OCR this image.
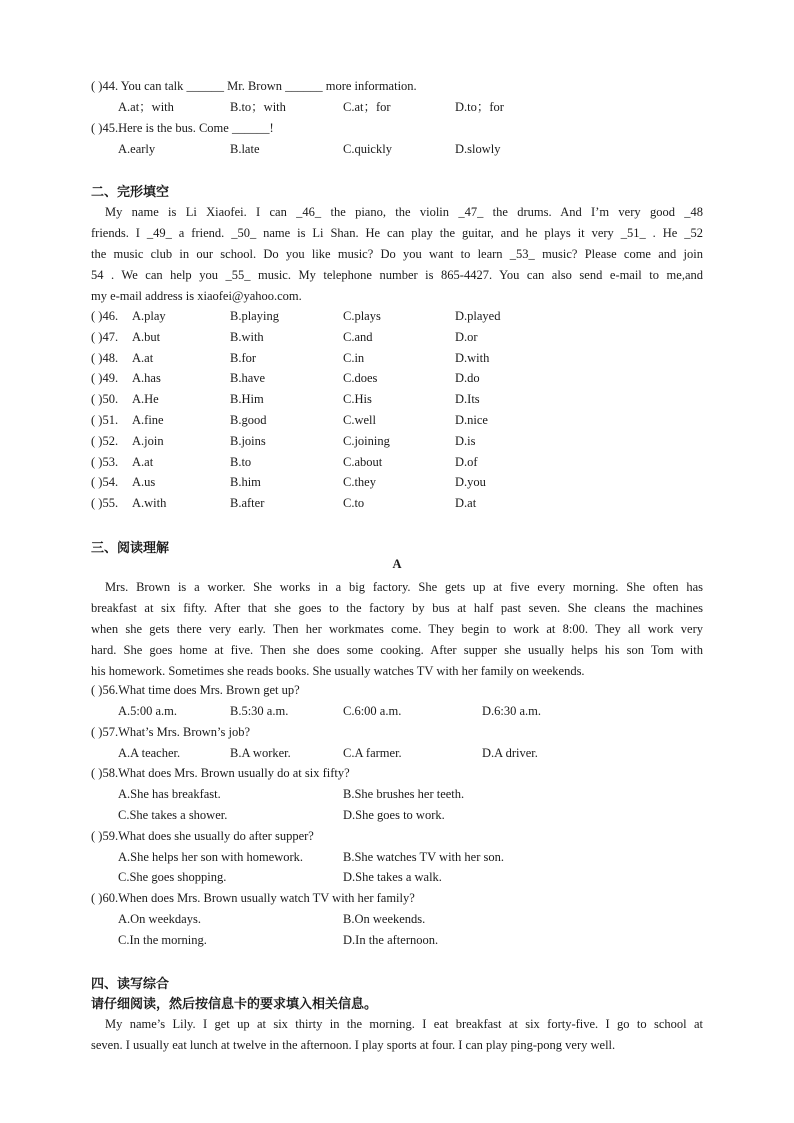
( )44. You can talk ______ Mr. Brown ______ more information.
A.at；with	B.to；with	C.at；for	D.to；for
( )45.Here is the bus. Come ______!
A.early	B.late	C.quickly	D.slowly
二、完形填空
My name is Li Xiaofei. I can _46_ the piano, the violin _47_ the drums. And I’m very good _48
friends. I _49_ a friend. _50_ name is Li Shan. He can play the guitar, and he plays it very _51_ . He _52
the music club in our school. Do you like music? Do you want to learn _53_ music? Please come and join
54 . We can help you _55_ music. My telephone number is 865-4427. You can also send e-mail to me,and
my e-mail address is xiaofei@yahoo.com.
( )46. A.play	B.playing	C.plays	D.played
( )47. A.but	B.with	C.and	D.or
( )48. A.at	B.for	C.in	D.with
( )49. A.has	B.have	C.does	D.do
( )50. A.He	B.Him	C.His	D.Its
( )51. A.fine	B.good	C.well	D.nice
( )52. A.join	B.joins	C.joining	D.is
( )53. A.at	B.to	C.about	D.of
( )54. A.us	B.him	C.they	D.you
( )55. A.with	B.after	C.to	D.at
三、阅读理解
A
Mrs. Brown is a worker. She works in a big factory. She gets up at five every morning. She often has
breakfast at six fifty. After that she goes to the factory by bus at half past seven. She cleans the machines
when she gets there very early. Then her workmates come. They begin to work at 8:00. They all work very
hard. She goes home at five. Then she does some cooking. After supper she usually helps his son Tom with
his homework. Sometimes she reads books. She usually watches TV with her family on weekends.
( )56.What time does Mrs. Brown get up?
A.5:00 a.m.	B.5:30 a.m.	C.6:00 a.m.	D.6:30 a.m.
( )57.What’s Mrs. Brown’s job?
A.A teacher.	B.A worker.	C.A farmer.	D.A driver.
( )58.What does Mrs. Brown usually do at six fifty?
A.She has breakfast.	B.She brushes her teeth.
C.She takes a shower.	D.She goes to work.
( )59.What does she usually do after supper?
A.She helps her son with homework.	B.She watches TV with her son.
C.She goes shopping.	D.She takes a walk.
( )60.When does Mrs. Brown usually watch TV with her family?
A.On weekdays.	B.On weekends.
C.In the morning.	D.In the afternoon.
四、读写综合
请仔细阅读，然后按信息卡的要求填入相关信息。
My name’s Lily. I get up at six thirty in the morning. I eat breakfast at six forty-five. I go to school at
seven. I usually eat lunch at twelve in the afternoon. I play sports at four. I can play ping-pong very well.
